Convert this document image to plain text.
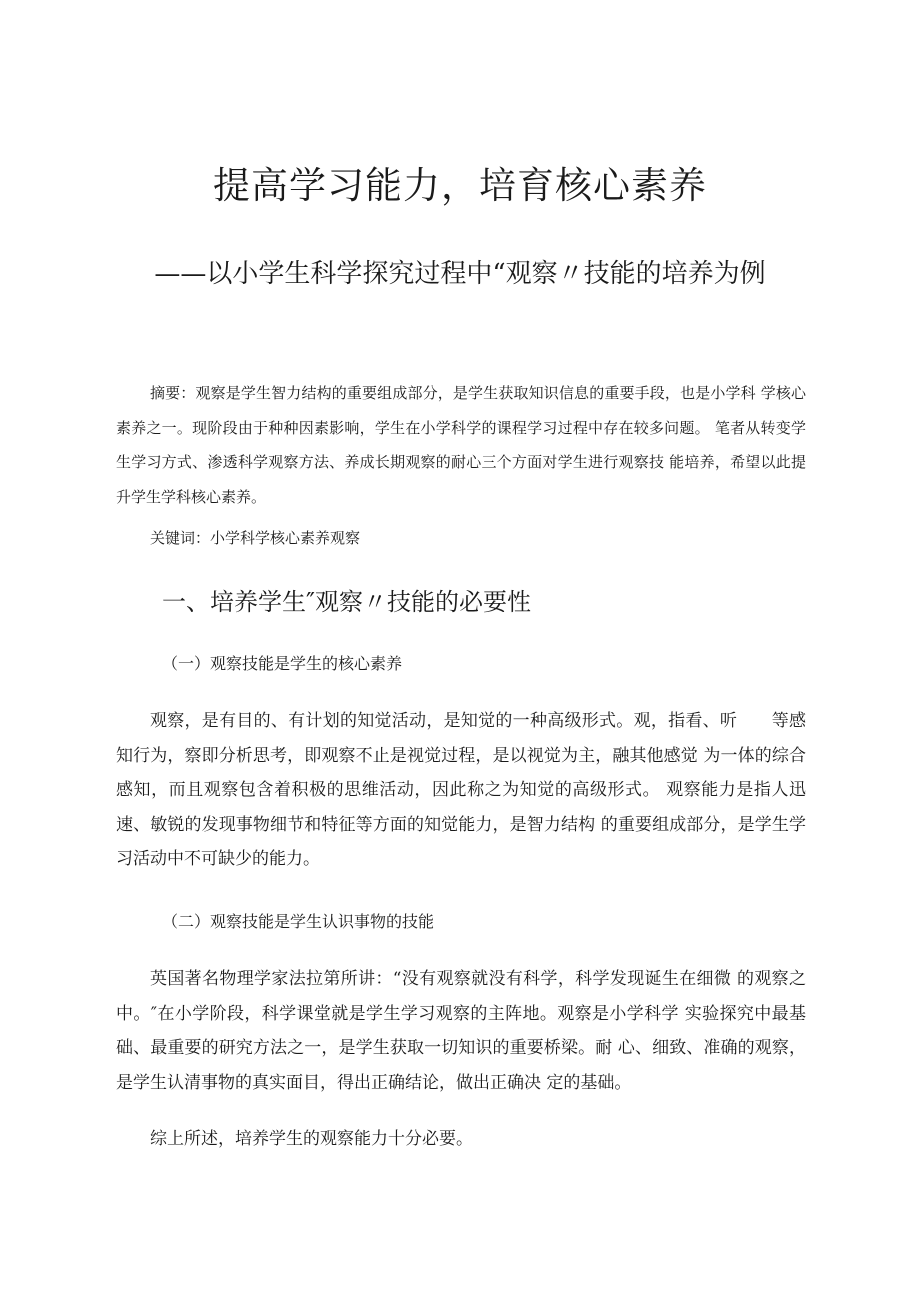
提高学习能力，培育核心素养
——以小学生科学探究过程中“观察〃技能的培养为例

摘要：观察是学生智力结构的重要组成部分，是学生获取知识信息的重要手段，也是小学科 学核心素养之一。现阶段由于种种因素影响，学生在小学科学的课程学习过程中存在较多问题。 笔者从转变学生学习方式、渗透科学观察方法、养成长期观察的耐心三个方面对学生进行观察技 能培养，希望以此提升学生学科核心素养。

关键词：小学科学核心素养观察

一、培养学生″观察〃技能的必要性
（一）观察技能是学生的核心素养

观察，是有目的、有计划的知觉活动，是知觉的一种高级形式。观，指看、听　　等感知行为，察即分析思考，即观察不止是视觉过程，是以视觉为主，融其他感觉 为一体的综合感知，而且观察包含着积极的思维活动，因此称之为知觉的高级形式。 观察能力是指人迅速、敏锐的发现事物细节和特征等方面的知觉能力，是智力结构 的重要组成部分，是学生学习活动中不可缺少的能力。

（二）观察技能是学生认识事物的技能

英国著名物理学家法拉第所讲：“没有观察就没有科学，科学发现诞生在细微 的观察之中。″在小学阶段，科学课堂就是学生学习观察的主阵地。观察是小学科学 实验探究中最基础、最重要的研究方法之一，是学生获取一切知识的重要桥梁。耐 心、细致、准确的观察，是学生认清事物的真实面目，得出正确结论，做出正确决 定的基础。

综上所述，培养学生的观察能力十分必要。
